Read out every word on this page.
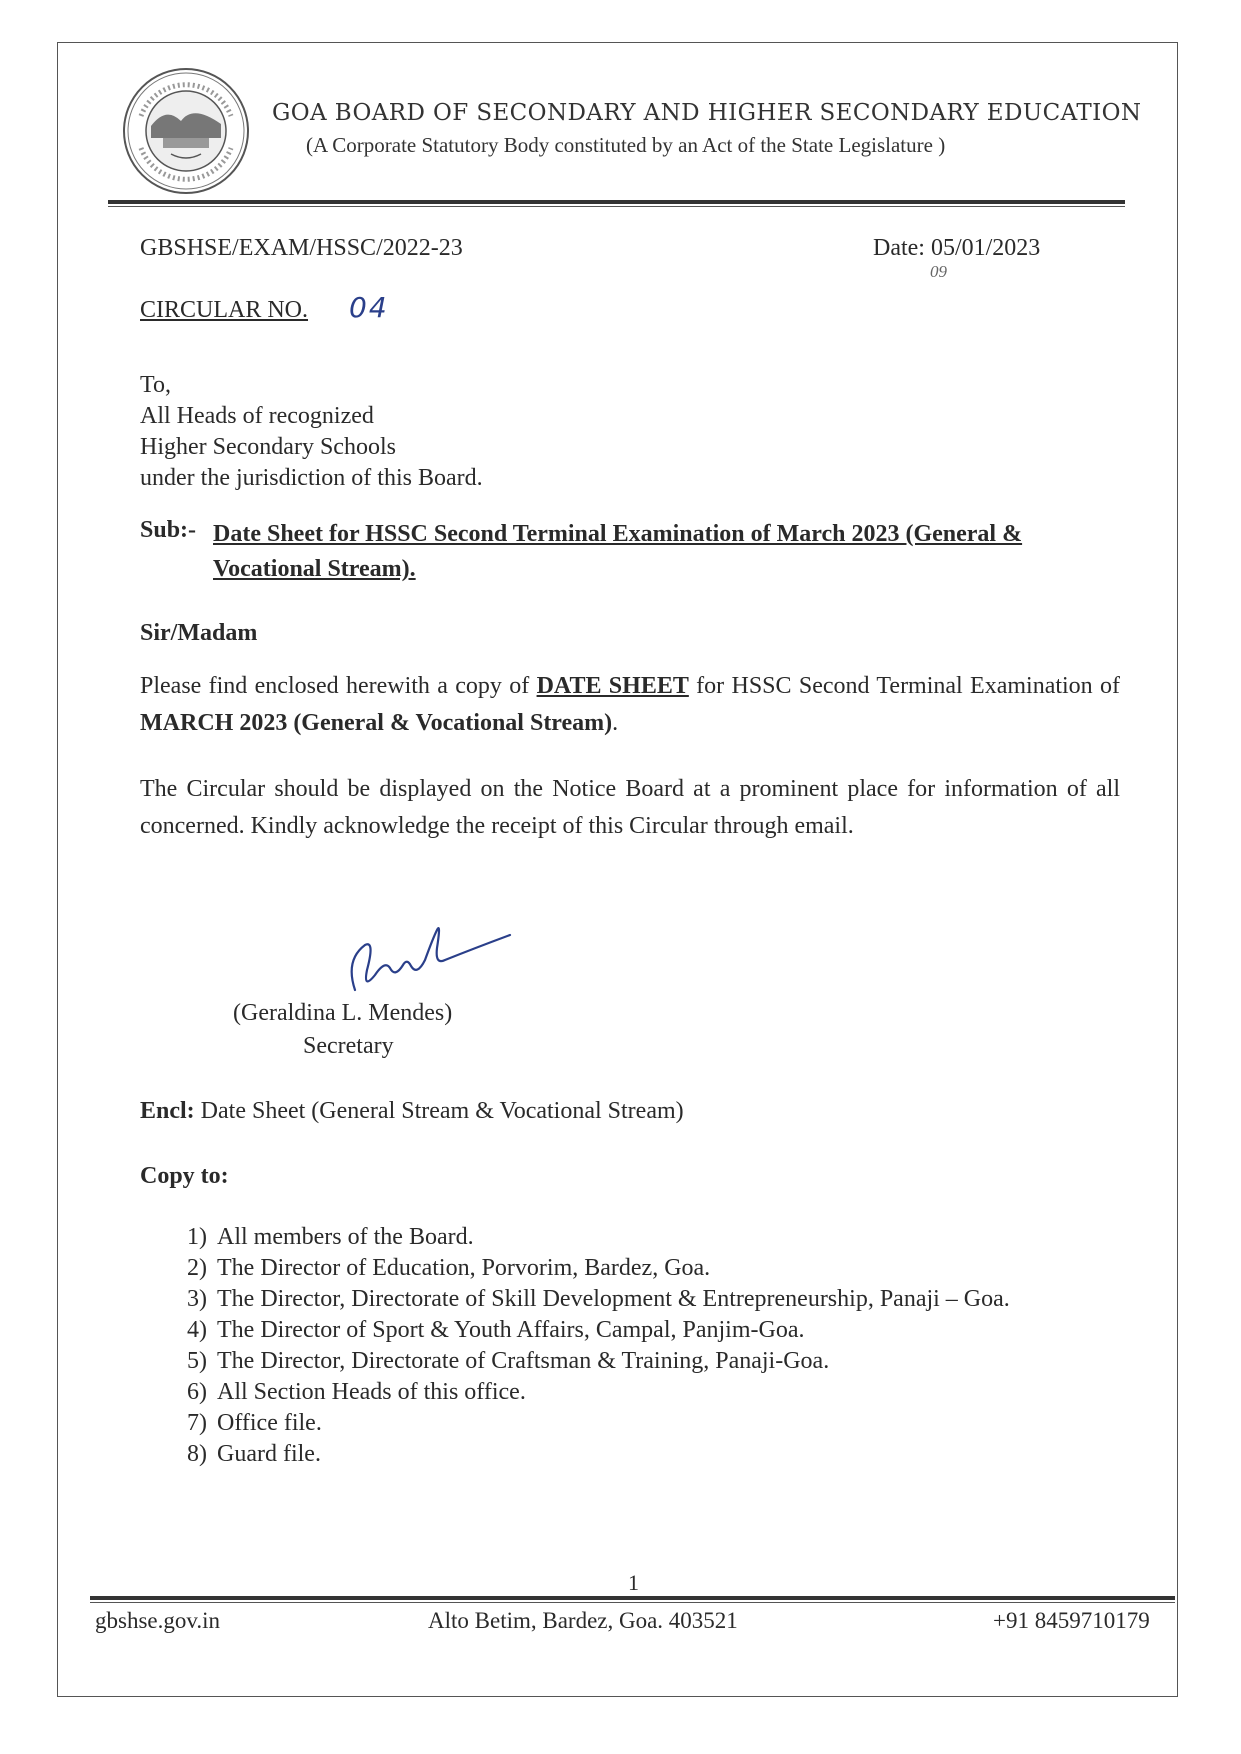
GOA BOARD OF SECONDARY AND HIGHER SECONDARY EDUCATION
(A Corporate Statutory Body constituted by an Act of the State Legislature )
GBSHSE/EXAM/HSSC/2022-23	Date: 05/01/2023
09
CIRCULAR NO. 04
To,
All Heads of recognized
Higher Secondary Schools
under the jurisdiction of this Board.
Sub:- Date Sheet for HSSC Second Terminal Examination of March 2023 (General & Vocational Stream).
Sir/Madam
Please find enclosed herewith a copy of DATE SHEET for HSSC Second Terminal Examination of MARCH 2023 (General & Vocational Stream).
The Circular should be displayed on the Notice Board at a prominent place for information of all concerned. Kindly acknowledge the receipt of this Circular through email.
(Geraldina L. Mendes)
Secretary
Encl: Date Sheet (General Stream & Vocational Stream)
Copy to:
1) All members of the Board.
2) The Director of Education, Porvorim, Bardez, Goa.
3) The Director, Directorate of Skill Development & Entrepreneurship, Panaji – Goa.
4) The Director of Sport & Youth Affairs, Campal, Panjim-Goa.
5) The Director, Directorate of Craftsman & Training, Panaji-Goa.
6) All Section Heads of this office.
7) Office file.
8) Guard file.
1
gbshse.gov.in	Alto Betim, Bardez, Goa. 403521	+91 8459710179
